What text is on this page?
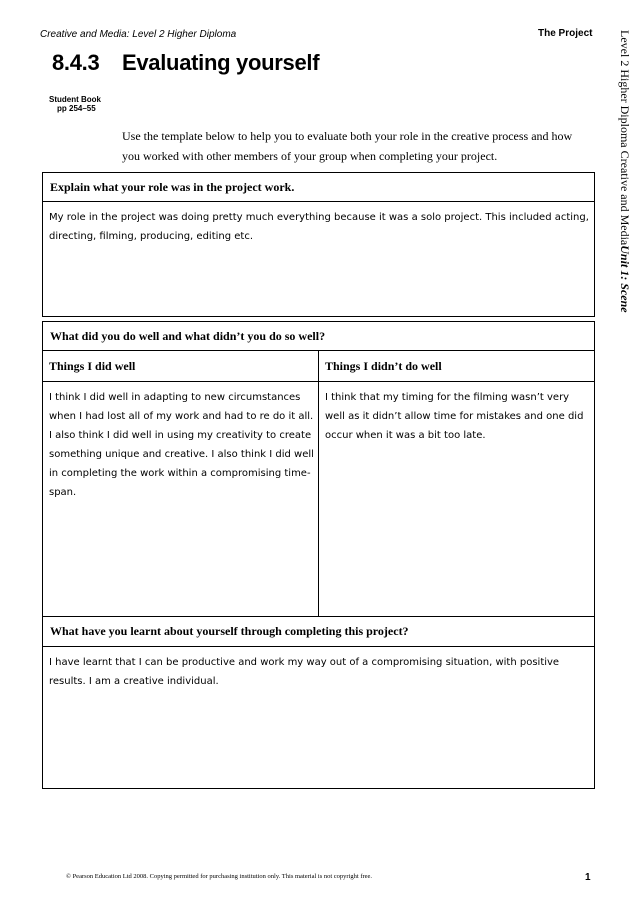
Creative and Media: Level 2 Higher Diploma	The Project Level 2 Higher Diploma Creative and MediaUnit 1: Scene
8.4.3 Evaluating yourself
Student Book
pp 254–55

Use the template below to help you to evaluate both your role in the creative process and how you worked with other members of your group when completing your project.

Explain what your role was in the project work.

My role in the project was doing pretty much everything because it was a solo project. This included acting, directing, filming, producing, editing etc.

What did you do well and what didn’t you do so well?
Things I did well	Things I didn’t do well

I think I did well in adapting to new circumstances when I had lost all of my work and had to re do it all. I also think I did well in using my creativity to create something unique and creative. I also think I did well in completing the work within a compromising time-span.

I think that my timing for the filming wasn’t very well as it didn’t allow time for mistakes and one did occur when it was a bit too late.

What have you learnt about yourself through completing this project?

I have learnt that I can be productive and work my way out of a compromising situation, with positive results. I am a creative individual.

© Pearson Education Ltd 2008. Copying permitted for purchasing institution only. This material is not copyright free.	1
